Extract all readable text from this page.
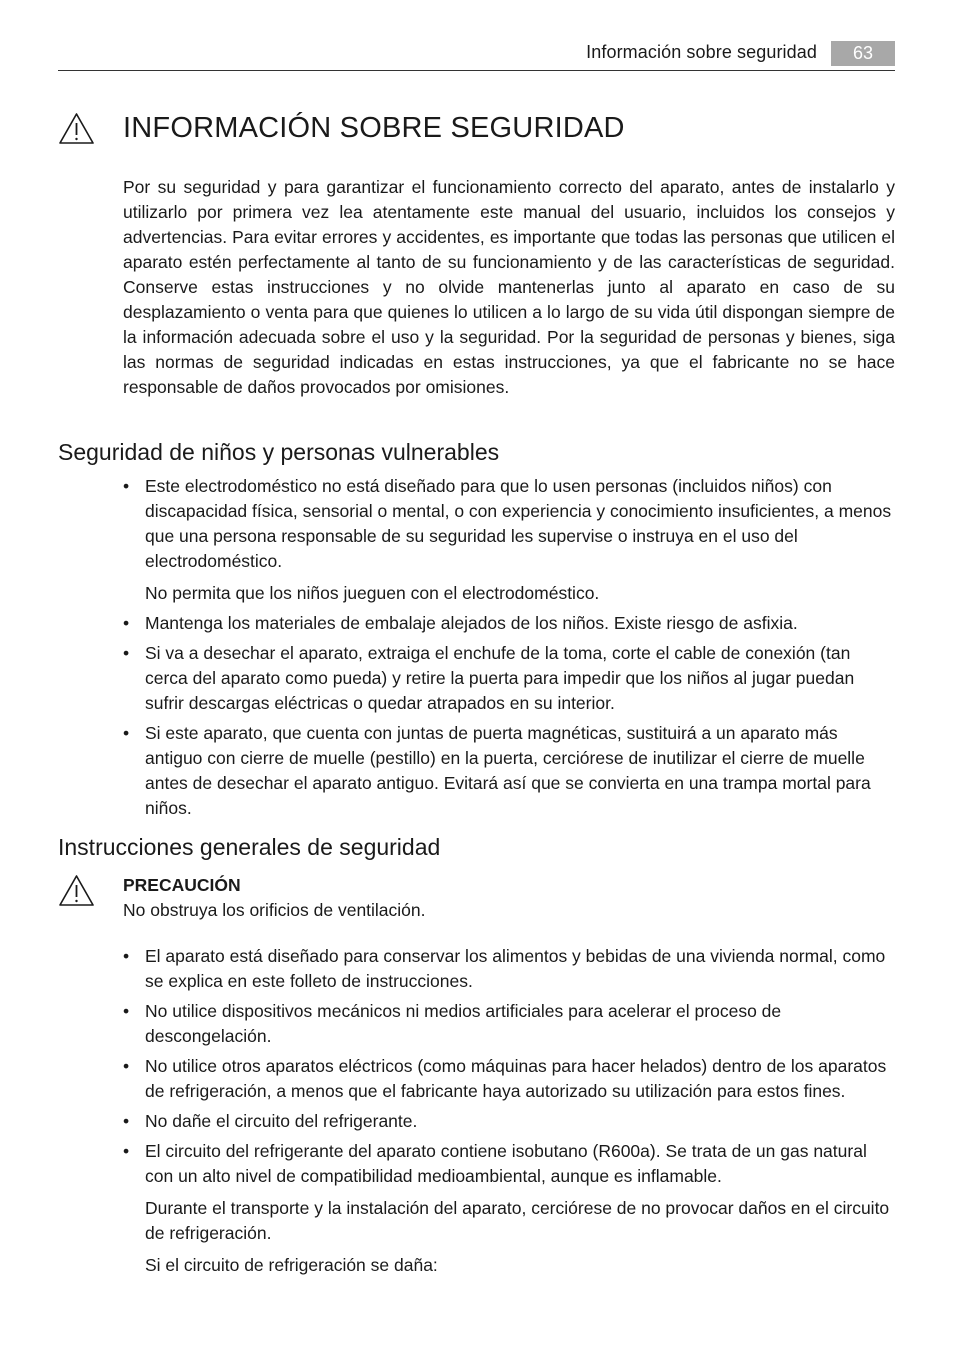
Información sobre seguridad	63
INFORMACIÓN SOBRE SEGURIDAD

Por su seguridad y para garantizar el funcionamiento correcto del aparato, antes de instalarlo y utilizarlo por primera vez lea atentamente este manual del usuario, incluidos los consejos y advertencias. Para evitar errores y accidentes, es importante que todas las personas que utilicen el aparato estén perfectamente al tanto de su funcionamiento y de las características de seguridad. Conserve estas instrucciones y no olvide mantenerlas junto al aparato en caso de su desplazamiento o venta para que quienes lo utilicen a lo largo de su vida útil dispongan siempre de la información adecuada sobre el uso y la seguridad. Por la seguridad de personas y bienes, siga las normas de seguridad indicadas en estas instrucciones, ya que el fabricante no se hace responsable de daños provocados por omisiones.

Seguridad de niños y personas vulnerables
• Este electrodoméstico no está diseñado para que lo usen personas (incluidos niños) con discapacidad física, sensorial o mental, o con experiencia y conocimiento insuficientes, a menos que una persona responsable de su seguridad les supervise o instruya en el uso del electrodoméstico.

No permita que los niños jueguen con el electrodoméstico.

• Mantenga los materiales de embalaje alejados de los niños. Existe riesgo de asfixia.

• Si va a desechar el aparato, extraiga el enchufe de la toma, corte el cable de conexión (tan cerca del aparato como pueda) y retire la puerta para impedir que los niños al jugar puedan sufrir descargas eléctricas o quedar atrapados en su interior.

• Si este aparato, que cuenta con juntas de puerta magnéticas, sustituirá a un aparato más antiguo con cierre de muelle (pestillo) en la puerta, cerciórese de inutilizar el cierre de muelle antes de desechar el aparato antiguo. Evitará así que se convierta en una trampa mortal para niños.

Instrucciones generales de seguridad
PRECAUCIÓN
No obstruya los orificios de ventilación.
• El aparato está diseñado para conservar los alimentos y bebidas de una vivienda normal, como se explica en este folleto de instrucciones.

• No utilice dispositivos mecánicos ni medios artificiales para acelerar el proceso de descongelación.

• No utilice otros aparatos eléctricos (como máquinas para hacer helados) dentro de los aparatos de refrigeración, a menos que el fabricante haya autorizado su utilización para estos fines.

• No dañe el circuito del refrigerante.

• El circuito del refrigerante del aparato contiene isobutano (R600a). Se trata de un gas natural con un alto nivel de compatibilidad medioambiental, aunque es inflamable.

Durante el transporte y la instalación del aparato, cerciórese de no provocar daños en el circuito de refrigeración.

Si el circuito de refrigeración se daña:
